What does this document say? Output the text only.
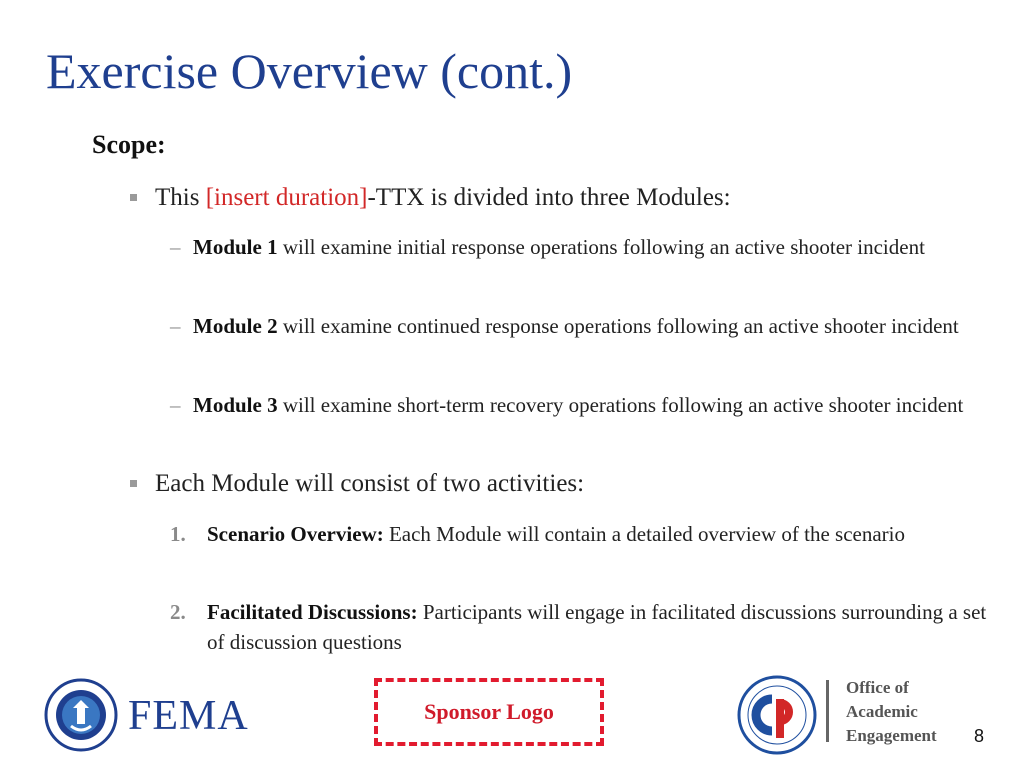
Exercise Overview (cont.)
Scope:
This [insert duration]-TTX is divided into three Modules:
– Module 1 will examine initial response operations following an active shooter incident
– Module 2 will examine continued response operations following an active shooter incident
– Module 3 will examine short-term recovery operations following an active shooter incident
Each Module will consist of two activities:
1. Scenario Overview: Each Module will contain a detailed overview of the scenario
2. Facilitated Discussions: Participants will engage in facilitated discussions surrounding a set of discussion questions
FEMA	Sponsor Logo
Office of
Academic
Engagement 8
